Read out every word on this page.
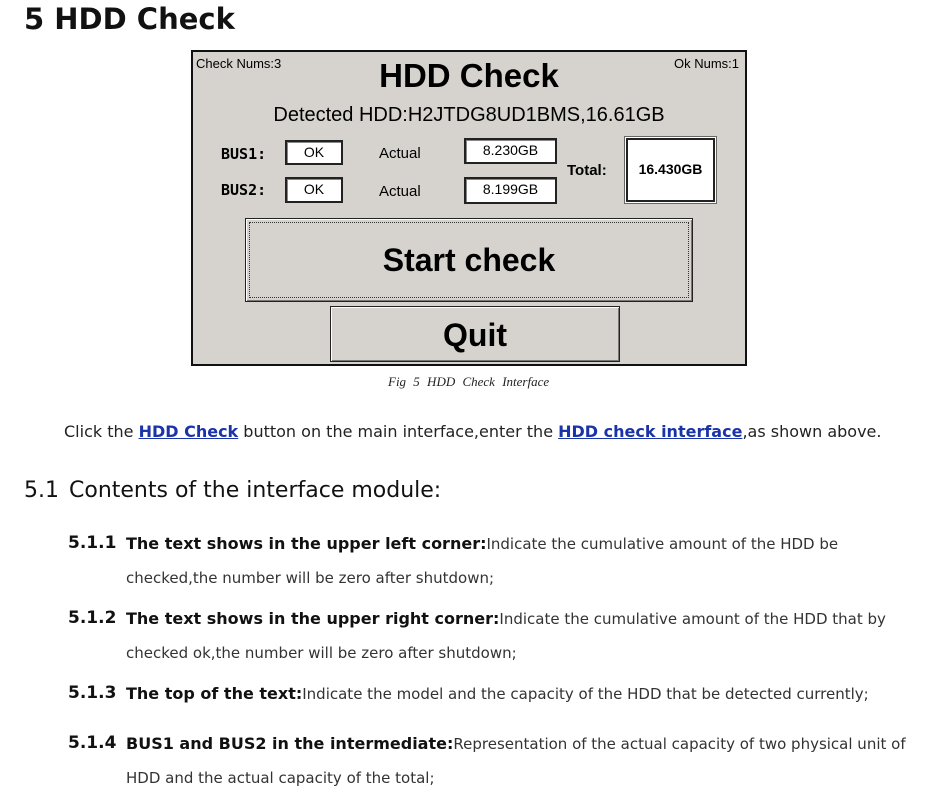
5 HDD Check
Check Nums:3	Ok Nums:1
HDD Check
Detected HDD:H2JTDG8UD1BMS,16.61GB
BUS1:	OK	Actual	8.230GB
BUS2:	OK	Actual	8.199GB
Total:	16.430GB
Start check
Quit
Fig 5 HDD Check Interface
Click the HDD Check button on the main interface,enter the HDD check interface,as shown above.
5.1 Contents of the interface module:
5.1.1 The text shows in the upper left corner:Indicate the cumulative amount of the HDD be checked,the number will be zero after shutdown;
5.1.2 The text shows in the upper right corner:Indicate the cumulative amount of the HDD that by checked ok,the number will be zero after shutdown;
5.1.3 The top of the text:Indicate the model and the capacity of the HDD that be detected currently;
5.1.4 BUS1 and BUS2 in the intermediate:Representation of the actual capacity of two physical unit of HDD and the actual capacity of the total;
